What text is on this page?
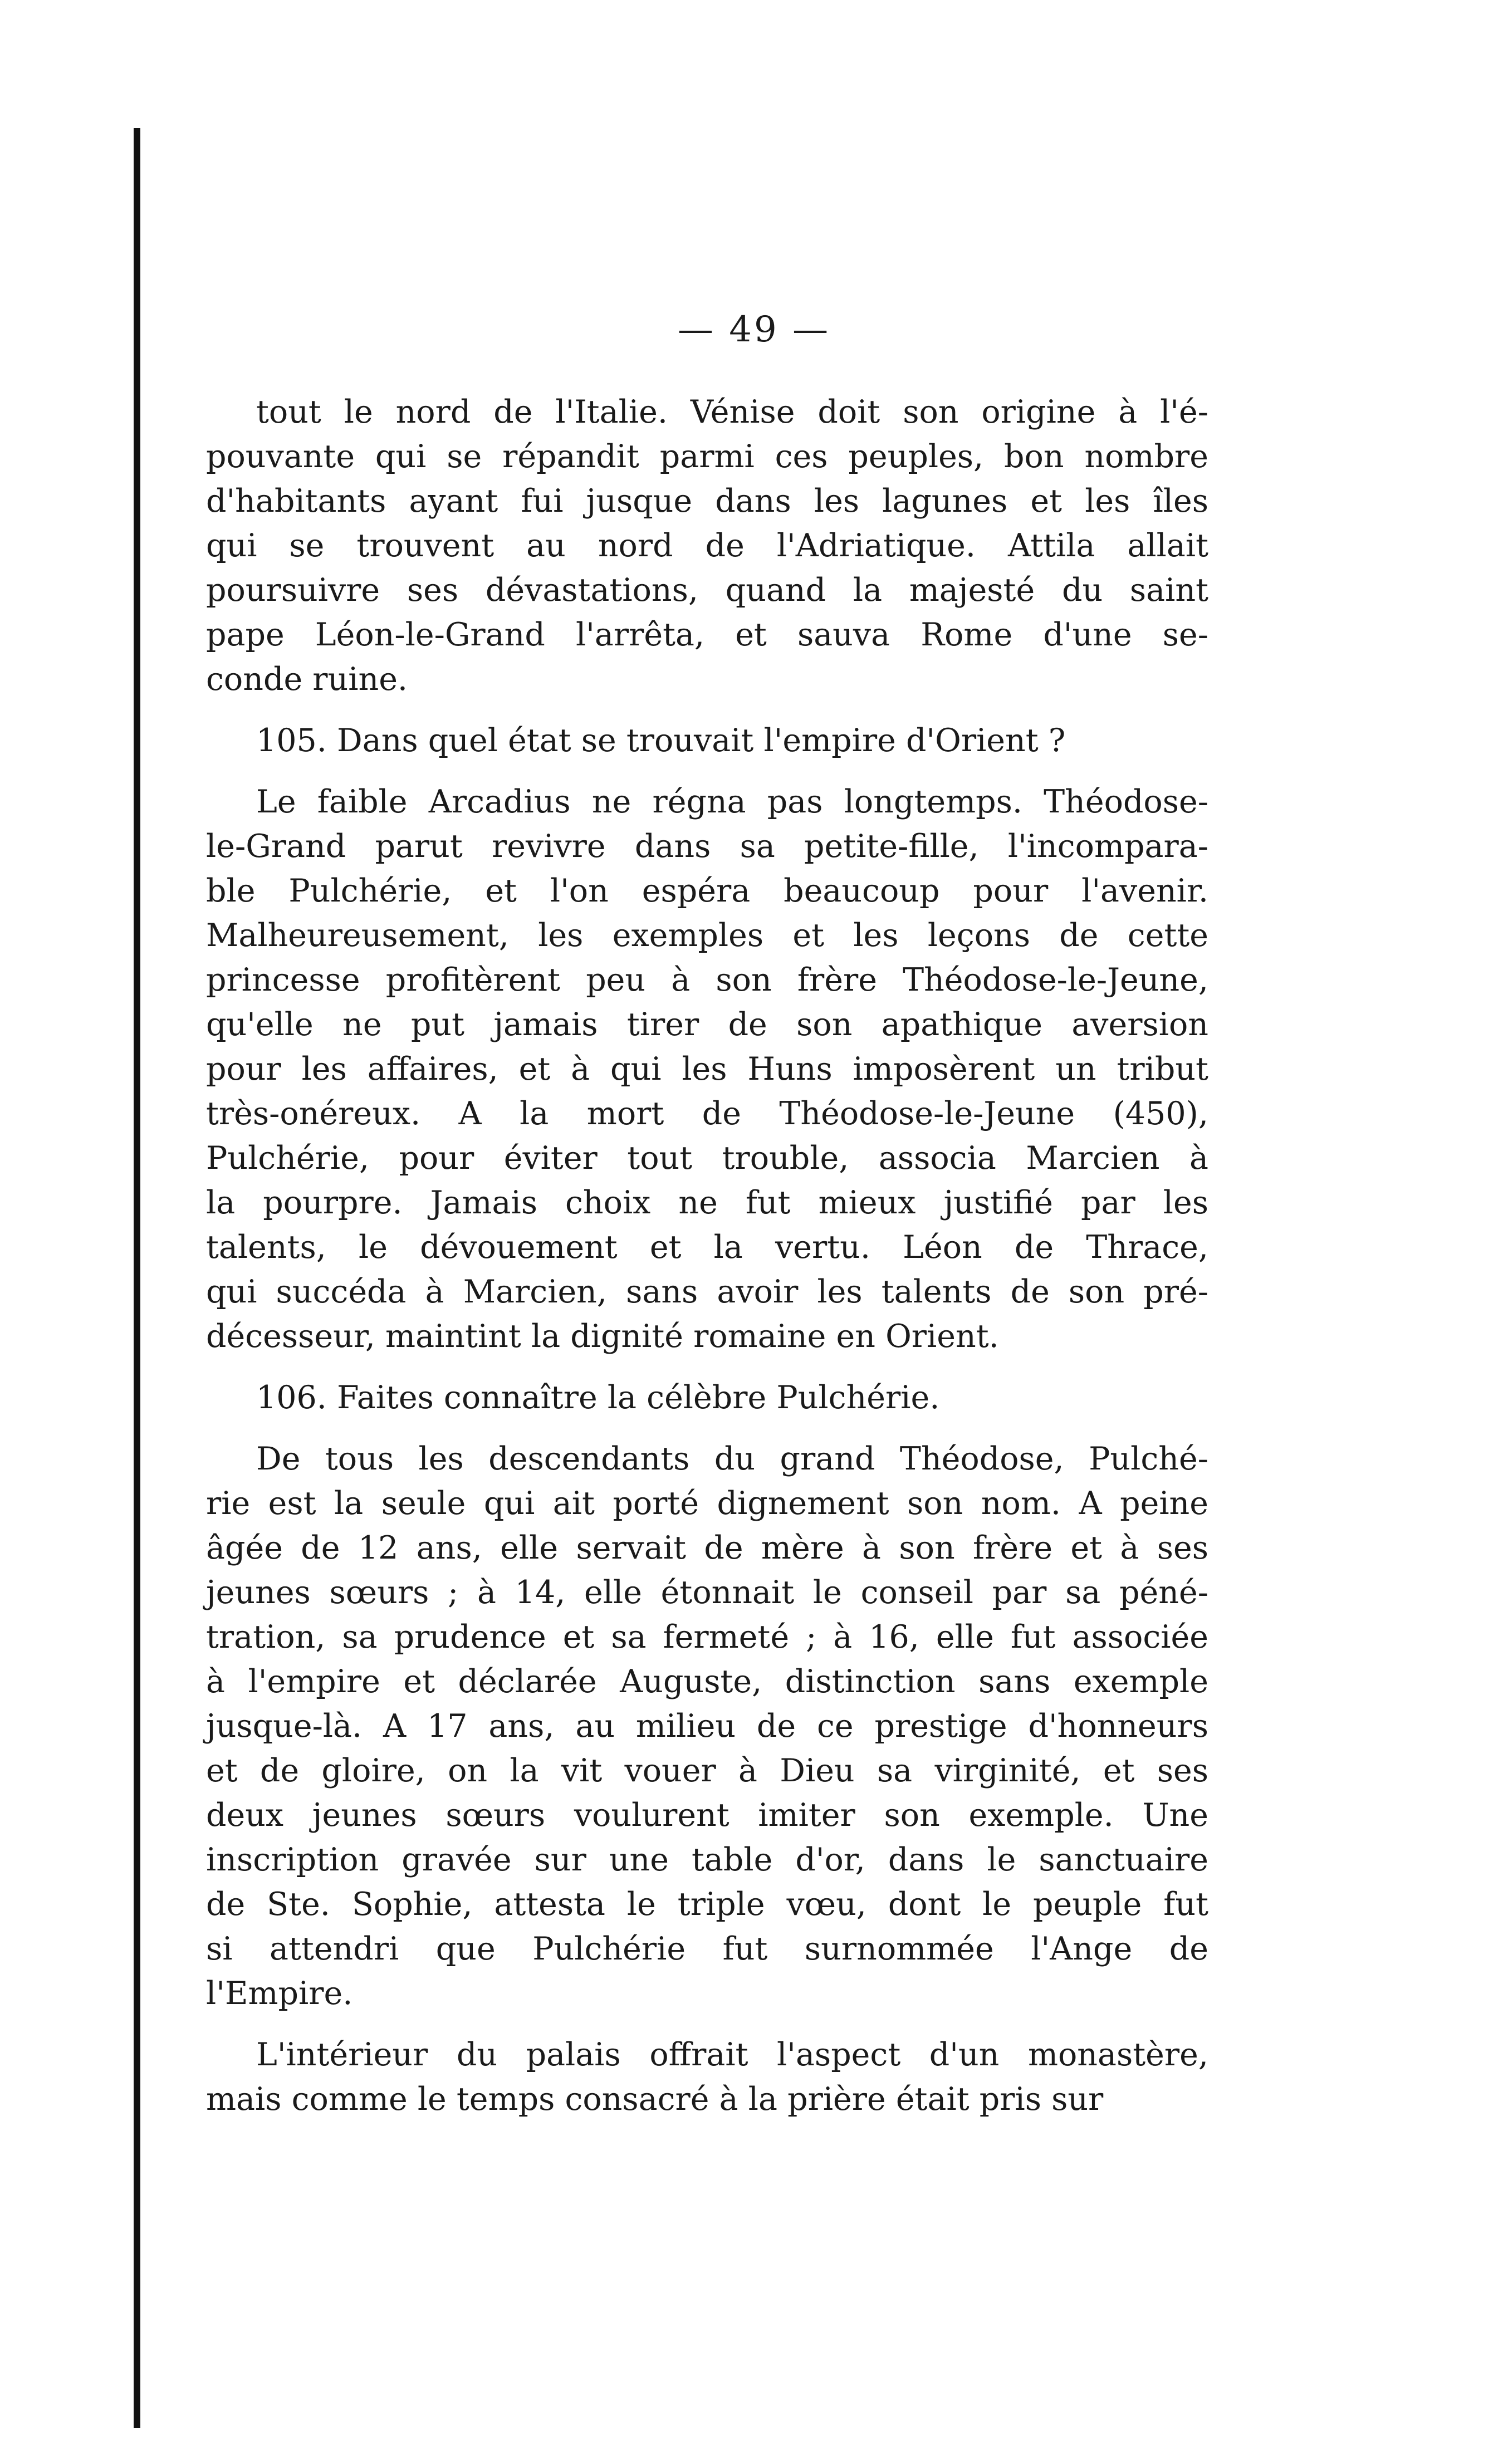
— 49 —
tout le nord de l'Italie. Vénise doit son origine à l'é-
pouvante qui se répandit parmi ces peuples, bon nombre
d'habitants ayant fui jusque dans les lagunes et les îles
qui se trouvent au nord de l'Adriatique. Attila allait
poursuivre ses dévastations, quand la majesté du saint
pape Léon-le-Grand l'arrêta, et sauva Rome d'une se-
conde ruine.
105. Dans quel état se trouvait l'empire d'Orient ?
Le faible Arcadius ne régna pas longtemps. Théodose-
le-Grand parut revivre dans sa petite-fille, l'incompara-
ble Pulchérie, et l'on espéra beaucoup pour l'avenir.
Malheureusement, les exemples et les leçons de cette
princesse profitèrent peu à son frère Théodose-le-Jeune,
qu'elle ne put jamais tirer de son apathique aversion
pour les affaires, et à qui les Huns imposèrent un tribut
très-onéreux. A la mort de Théodose-le-Jeune (450),
Pulchérie, pour éviter tout trouble, associa Marcien à
la pourpre. Jamais choix ne fut mieux justifié par les
talents, le dévouement et la vertu. Léon de Thrace,
qui succéda à Marcien, sans avoir les talents de son pré-
décesseur, maintint la dignité romaine en Orient.
106. Faites connaître la célèbre Pulchérie.
De tous les descendants du grand Théodose, Pulché-
rie est la seule qui ait porté dignement son nom. A peine
âgée de 12 ans, elle servait de mère à son frère et à ses
jeunes sœurs ; à 14, elle étonnait le conseil par sa péné-
tration, sa prudence et sa fermeté ; à 16, elle fut associée
à l'empire et déclarée Auguste, distinction sans exemple
jusque-là. A 17 ans, au milieu de ce prestige d'honneurs
et de gloire, on la vit vouer à Dieu sa virginité, et ses
deux jeunes sœurs voulurent imiter son exemple. Une
inscription gravée sur une table d'or, dans le sanctuaire
de Ste. Sophie, attesta le triple vœu, dont le peuple fut
si attendri que Pulchérie fut surnommée l'Ange de
l'Empire.
L'intérieur du palais offrait l'aspect d'un monastère,
mais comme le temps consacré à la prière était pris sur
